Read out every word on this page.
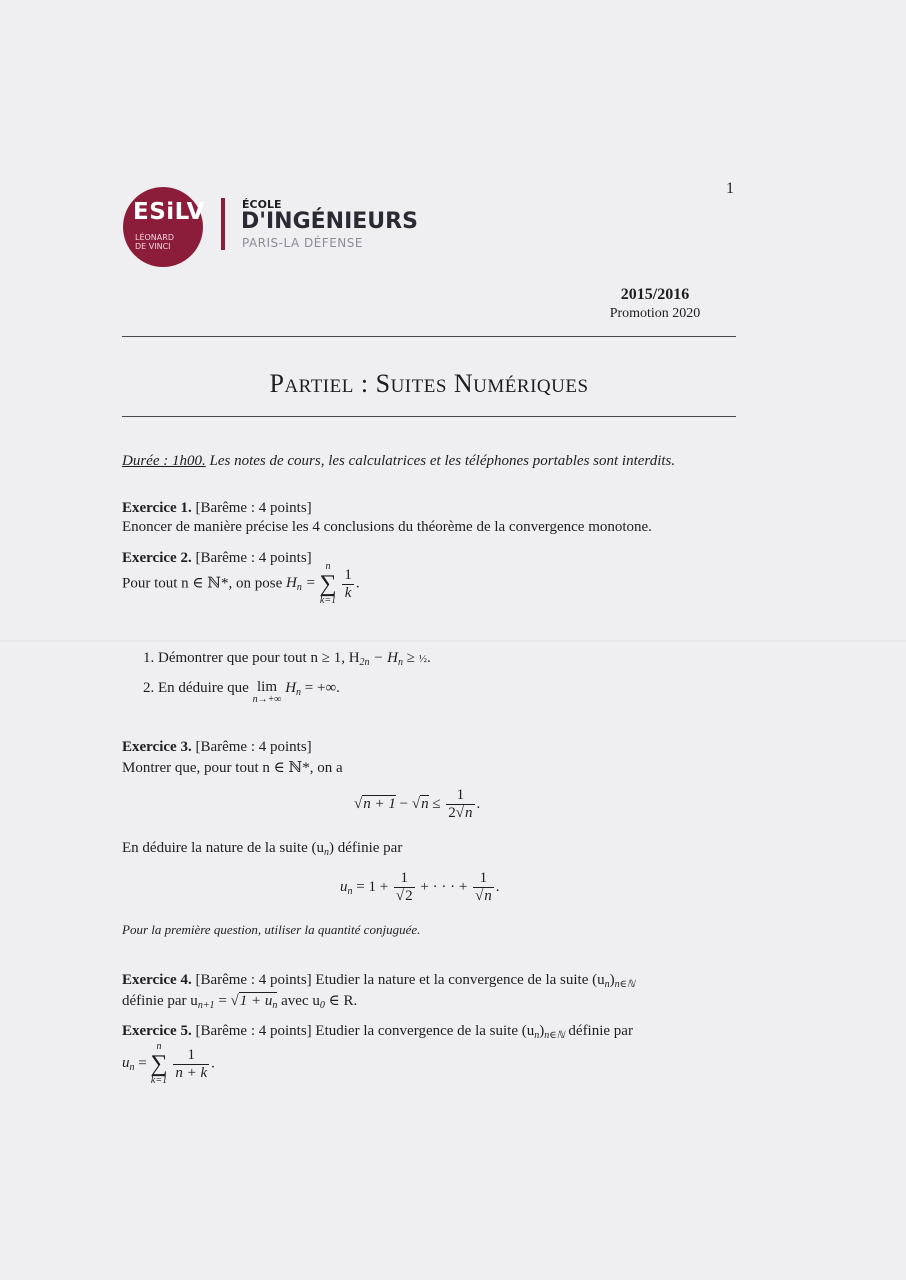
1
ESiLV
LÉONARD
DE VINCI
ÉCOLE
D'INGÉNIEURS
PARIS-LA DÉFENSE
2015/2016
Promotion 2020
PARTIEL : SUITES NUMÉRIQUES
Durée : 1h00. Les notes de cours, les calculatrices et les téléphones portables sont interdits.
Exercice 1. [Barême : 4 points]
Enoncer de manière précise les 4 conclusions du théorème de la convergence monotone.
Exercice 2. [Barême : 4 points]
Pour tout n ∈ ℕ*, on pose $H_n$ =
n
∑
k=1
$\frac{1}{k}$ .
1. Démontrer que pour tout n ≥ 1, $H_{2n} - H_n$ ≥ ½.
2. En déduire que lim
n→+∞
$H_n$ = +∞.
Exercice 3. [Barême : 4 points]
Montrer que, pour tout n ∈ ℕ*, on a
$√n + 1 - √n \le \frac{1}{2√n}$ .
En déduire la nature de la suite $(u_n)$ définie par
$u_n = 1 + \frac{1}{√2}$ + · · · + $\frac{1}{√n}$ .
Pour la première question, utiliser la quantité conjuguée.
Exercice 4. [Barême : 4 points] Etudier la nature et la convergence de la suite $(u_n)_{n\in ℕ}$
définie par $u_{n+1} = √1 + u_n$ avec $u_0$ ∈ R.
Exercice 5. [Barême : 4 points] Etudier la convergence de la suite $(u_n)_{n\in ℕ}$ définie par
$u_n$ =
n
∑
k=1
$\frac{1}{n + k}$ .
